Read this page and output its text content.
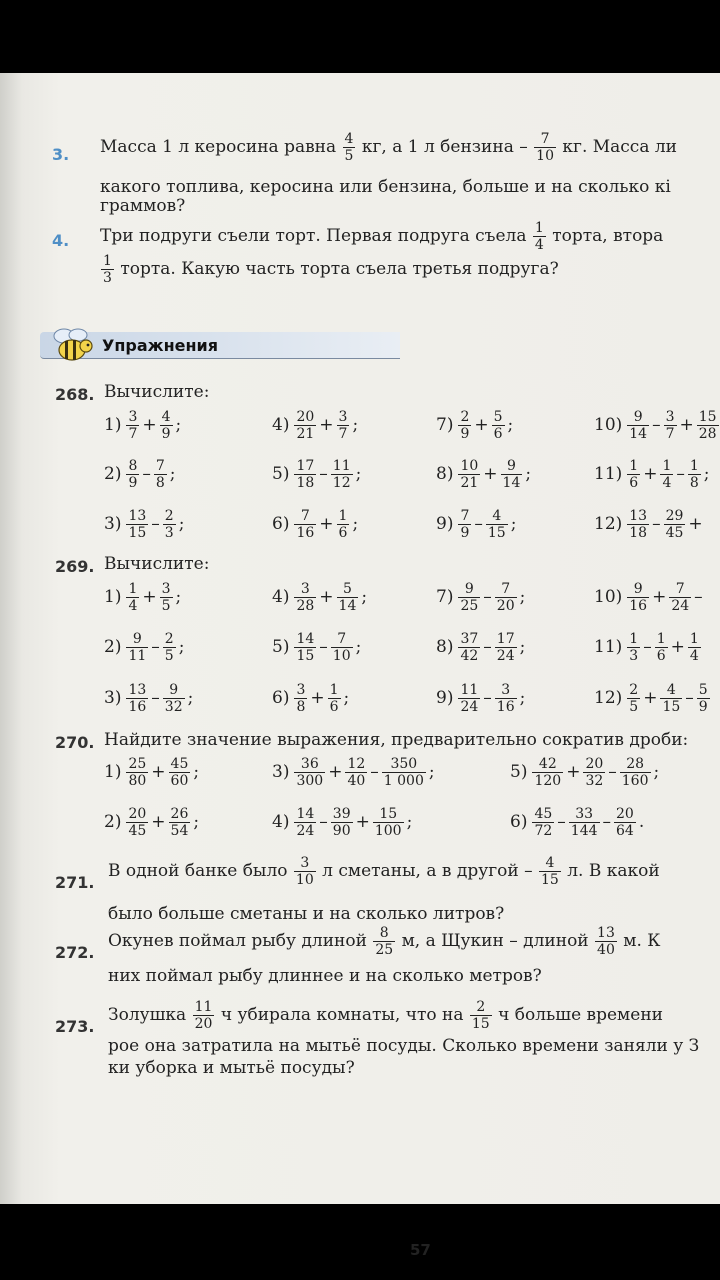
3. Масса 1 л керосина равна $\frac{4}{5}$ кг, а 1 л бензина – $\frac{7}{10}$ кг. Масса ли
какого топлива, керосина или бензина, больше и на сколько кі
граммов?
4. Три подруги съели торт. Первая подруга съела $\frac{1}{4}$ торта, втора
$\frac{1}{3}$ торта. Какую часть торта съела третья подруга?
Упражнения
268. Вычислите:
$1) \frac{3}{7} + \frac{4}{9}$ ;	$4) \frac{20}{21} + \frac{3}{7}$ ;	$7) \frac{2}{9} + \frac{5}{6}$ ;	$10) \frac{9}{14} - \frac{3}{7} + \frac{15}{28}$
$2) \frac{8}{9} - \frac{7}{8}$ ;	$5) \frac{17}{18} - \frac{11}{12}$ ;	$8) \frac{10}{21} + \frac{9}{14}$ ;	$11) \frac{1}{6} + \frac{1}{4} - \frac{1}{8}$ ;
$3) \frac{13}{15} - \frac{2}{3}$ ;	$6) \frac{7}{16} + \frac{1}{6}$ ;	$9) \frac{7}{9} - \frac{4}{15}$ ;	$12) \frac{13}{18} - \frac{29}{45}$ +
269. Вычислите:
$1) \frac{1}{4} + \frac{3}{5}$ ;	$4) \frac{3}{28} + \frac{5}{14}$ ;	$7) \frac{9}{25} - \frac{7}{20}$ ;	$10) \frac{9}{16} + \frac{7}{24}$ –
$2) \frac{9}{11} - \frac{2}{5}$ ;	$5) \frac{14}{15} - \frac{7}{10}$ ;	$8) \frac{37}{42} - \frac{17}{24}$ ;	$11) \frac{1}{3} - \frac{1}{6} + \frac{1}{4}$
$3) \frac{13}{16} - \frac{9}{32}$ ;	$6) \frac{3}{8} + \frac{1}{6}$ ;	$9) \frac{11}{24} - \frac{3}{16}$ ;	$12) \frac{2}{5} + \frac{4}{15} - \frac{5}{9}$
270. Найдите значение выражения, предварительно сократив дроби:
$1) \frac{25}{80} + \frac{45}{60}$ ;	$3) \frac{36}{300} + \frac{12}{40} - \frac{350}{1 000}$ ;	$5) \frac{42}{120} + \frac{20}{32} - \frac{28}{160}$ ;
$2) \frac{20}{45} + \frac{26}{54}$ ;	$4) \frac{14}{24} - \frac{39}{90} + \frac{15}{100}$ ;	$6) \frac{45}{72} - \frac{33}{144} - \frac{20}{64}$ .
271.
В одной банке было $\frac{3}{10}$ л сметаны, а в другой – $\frac{4}{15} л$. В какой
было больше сметаны и на сколько литров?
272.
Окунев поймал рыбу длиной $\frac{8}{25} м$, а Щукин – длиной $\frac{13}{40} м$. К
них поймал рыбу длиннее и на сколько метров?
273.
Золушка $\frac{11}{20}$ ч убирала комнаты, что на $\frac{2}{15}$ ч больше времени
рое она затратила на мытьё посуды. Сколько времени заняли у З
ки уборка и мытьё посуды?
57
